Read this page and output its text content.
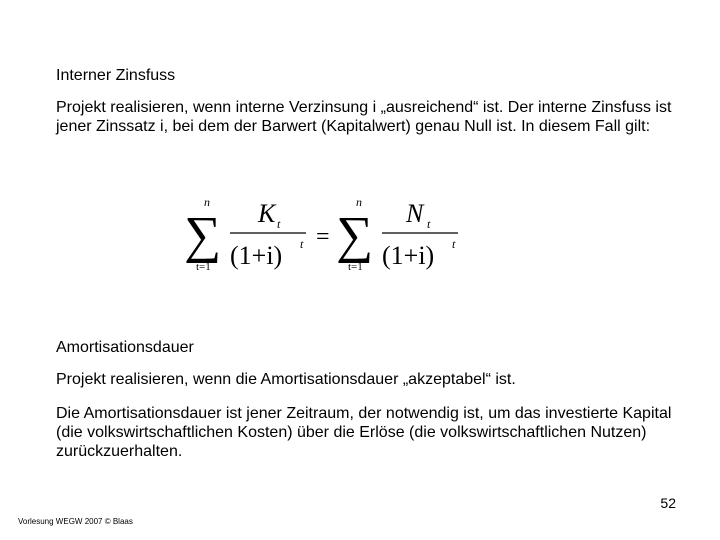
Interner Zinsfuss
Projekt realisieren, wenn interne Verzinsung i „ausreichend“ ist. Der interne Zinsfuss ist jener Zinssatz i, bei dem der Barwert (Kapitalwert) genau Null ist. In diesem Fall gilt:
n
∑
t=1
K t
(1+i) t =
n
∑
t=1
N t
(1+i) t
Amortisationsdauer
Projekt realisieren, wenn die Amortisationsdauer „akzeptabel“ ist.
Die Amortisationsdauer ist jener Zeitraum, der notwendig ist, um das investierte Kapital (die volkswirtschaftlichen Kosten) über die Erlöse (die volkswirtschaftlichen Nutzen) zurückzuerhalten.
52
Vorlesung WEGW 2007 © Blaas
